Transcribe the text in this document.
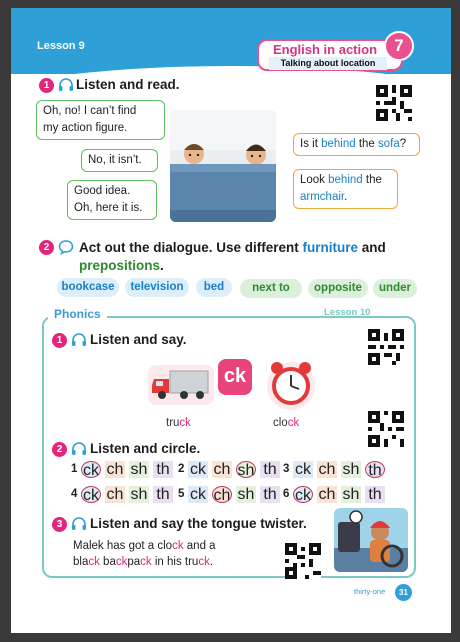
Lesson 9	English in action
Talking about location
7
1	Listen and read.
Oh, no! I can’t find
my action figure.
No, it isn’t.
Good idea.
Oh, here it is.
Is it behind the sofa?
Look behind the
armchair.
2	Act out the dialogue. Use different furniture and
prepositions.
bookcase	television	bed	next to	opposite	under
Phonics	Lesson 10
1	Listen and say.
ck
truck	clock
2	Listen and circle.
1 ck ch sh th 2 ck ch sh th 3 ck ch sh th
4 ck ch sh th 5 ck ch sh th 6 ck ch sh th
3	Listen and say the tongue twister.
Malek has got a clock and a
black backpack in his truck.
thirty-one	31
